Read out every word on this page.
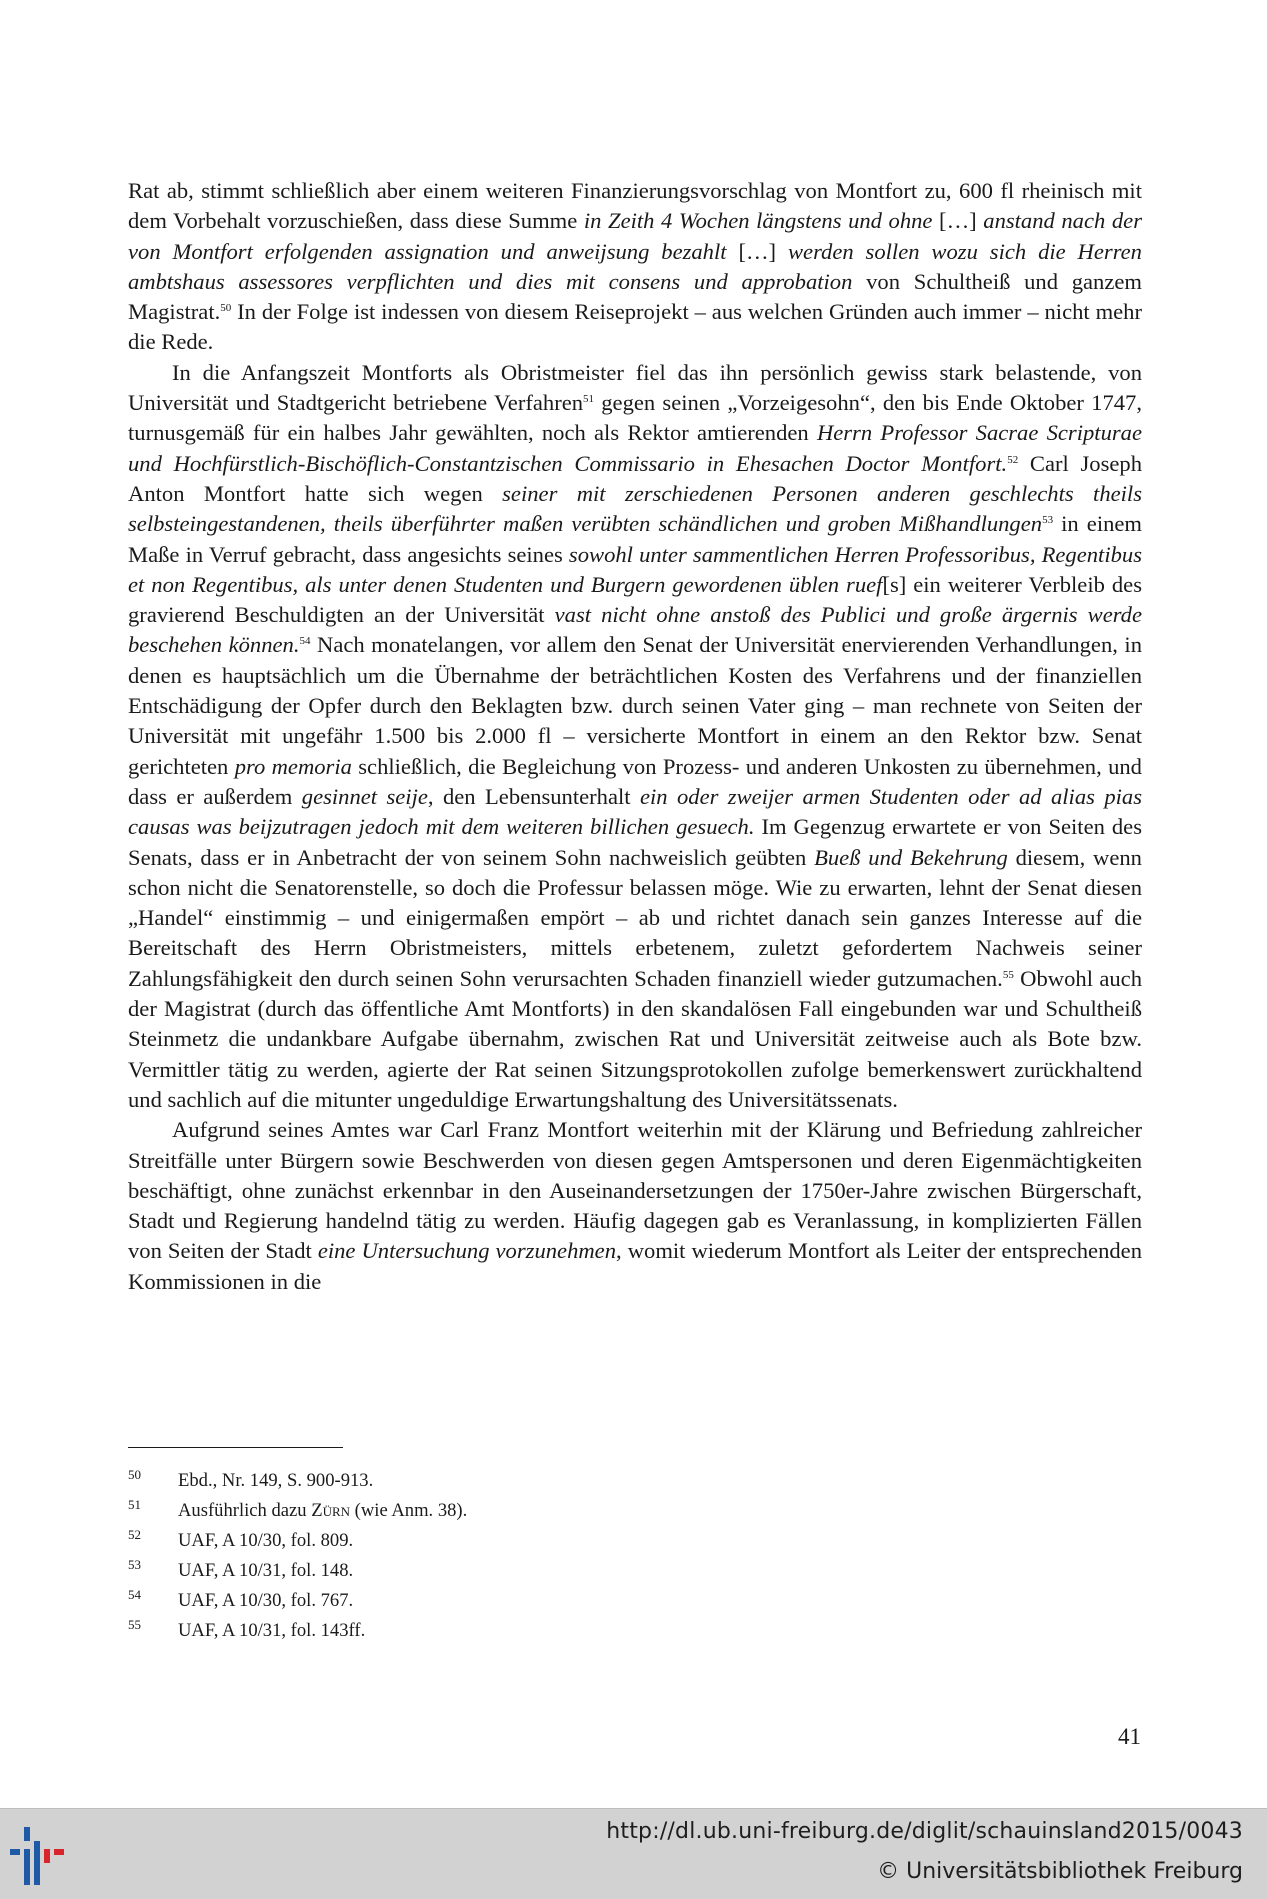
Rat ab, stimmt schließlich aber einem weiteren Finanzierungsvorschlag von Montfort zu, 600 fl rheinisch mit dem Vorbehalt vorzuschießen, dass diese Summe in Zeith 4 Wochen längstens und ohne […] anstand nach der von Montfort erfolgenden assignation und anweijsung bezahlt […] werden sollen wozu sich die Herren ambtshaus assessores verpflichten und dies mit consens und approbation von Schultheiß und ganzem Magistrat.$^{50}$ In der Folge ist indessen von diesem Reiseprojekt – aus welchen Gründen auch immer – nicht mehr die Rede.

In die Anfangszeit Montforts als Obristmeister fiel das ihn persönlich gewiss stark belastende, von Universität und Stadtgericht betriebene Verfahren$^{51}$ gegen seinen „Vorzeigesohn“, den bis Ende Oktober 1747, turnusgemäß für ein halbes Jahr gewählten, noch als Rektor amtierenden Herrn Professor Sacrae Scripturae und Hochfürstlich-Bischöflich-Constantzischen Commissario in Ehesachen Doctor Montfort.$^{52}$ Carl Joseph Anton Montfort hatte sich wegen seiner mit zerschiedenen Personen anderen geschlechts theils selbsteingestandenen, theils überführter maßen verübten schändlichen und groben Mißhandlungen$^{53}$ in einem Maße in Verruf gebracht, dass angesichts seines sowohl unter sammentlichen Herren Professoribus, Regentibus et non Regentibus, als unter denen Studenten und Burgern gewordenen üblen ruef[s] ein weiterer Verbleib des gravierend Beschuldigten an der Universität vast nicht ohne anstoß des Publici und große ärgernis werde beschehen können.$^{54}$ Nach monatelangen, vor allem den Senat der Universität enervierenden Verhandlungen, in denen es hauptsächlich um die Übernahme der beträchtlichen Kosten des Verfahrens und der finanziellen Entschädigung der Opfer durch den Beklagten bzw. durch seinen Vater ging – man rechnete von Seiten der Universität mit ungefähr 1.500 bis 2.000 fl – versicherte Montfort in einem an den Rektor bzw. Senat gerichteten pro memoria schließlich, die Begleichung von Prozess- und anderen Unkosten zu übernehmen, und dass er außerdem gesinnet seije, den Lebensunterhalt ein oder zweijer armen Studenten oder ad alias pias causas was beijzutragen jedoch mit dem weiteren billichen gesuech. Im Gegenzug erwartete er von Seiten des Senats, dass er in Anbetracht der von seinem Sohn nachweislich geübten Bueß und Bekehrung diesem, wenn schon nicht die Senatorenstelle, so doch die Professur belassen möge. Wie zu erwarten, lehnt der Senat diesen „Handel“ einstimmig – und einigermaßen empört – ab und richtet danach sein ganzes Interesse auf die Bereitschaft des Herrn Obristmeisters, mittels erbetenem, zuletzt gefordertem Nachweis seiner Zahlungsfähigkeit den durch seinen Sohn verursachten Schaden finanziell wieder gutzumachen.$^{55}$ Obwohl auch der Magistrat (durch das öffentliche Amt Montforts) in den skandalösen Fall eingebunden war und Schultheiß Steinmetz die undankbare Aufgabe übernahm, zwischen Rat und Universität zeitweise auch als Bote bzw. Vermittler tätig zu werden, agierte der Rat seinen Sitzungsprotokollen zufolge bemerkenswert zurückhaltend und sachlich auf die mitunter ungeduldige Erwartungshaltung des Universitätssenats.

Aufgrund seines Amtes war Carl Franz Montfort weiterhin mit der Klärung und Befriedung zahlreicher Streitfälle unter Bürgern sowie Beschwerden von diesen gegen Amtspersonen und deren Eigenmächtigkeiten beschäftigt, ohne zunächst erkennbar in den Auseinandersetzungen der 1750er-Jahre zwischen Bürgerschaft, Stadt und Regierung handelnd tätig zu werden. Häufig dagegen gab es Veranlassung, in komplizierten Fällen von Seiten der Stadt eine Untersuchung vorzunehmen, womit wiederum Montfort als Leiter der entsprechenden Kommissionen in die

50 Ebd., Nr. 149, S. 900-913.
51 Ausführlich dazu Zürn (wie Anm. 38).
52 UAF, A 10/30, fol. 809.
53 UAF, A 10/31, fol. 148.
54 UAF, A 10/30, fol. 767.
55 UAF, A 10/31, fol. 143ff.
41
http://dl.ub.uni-freiburg.de/diglit/schauinsland2015/0043
© Universitätsbibliothek Freiburg
